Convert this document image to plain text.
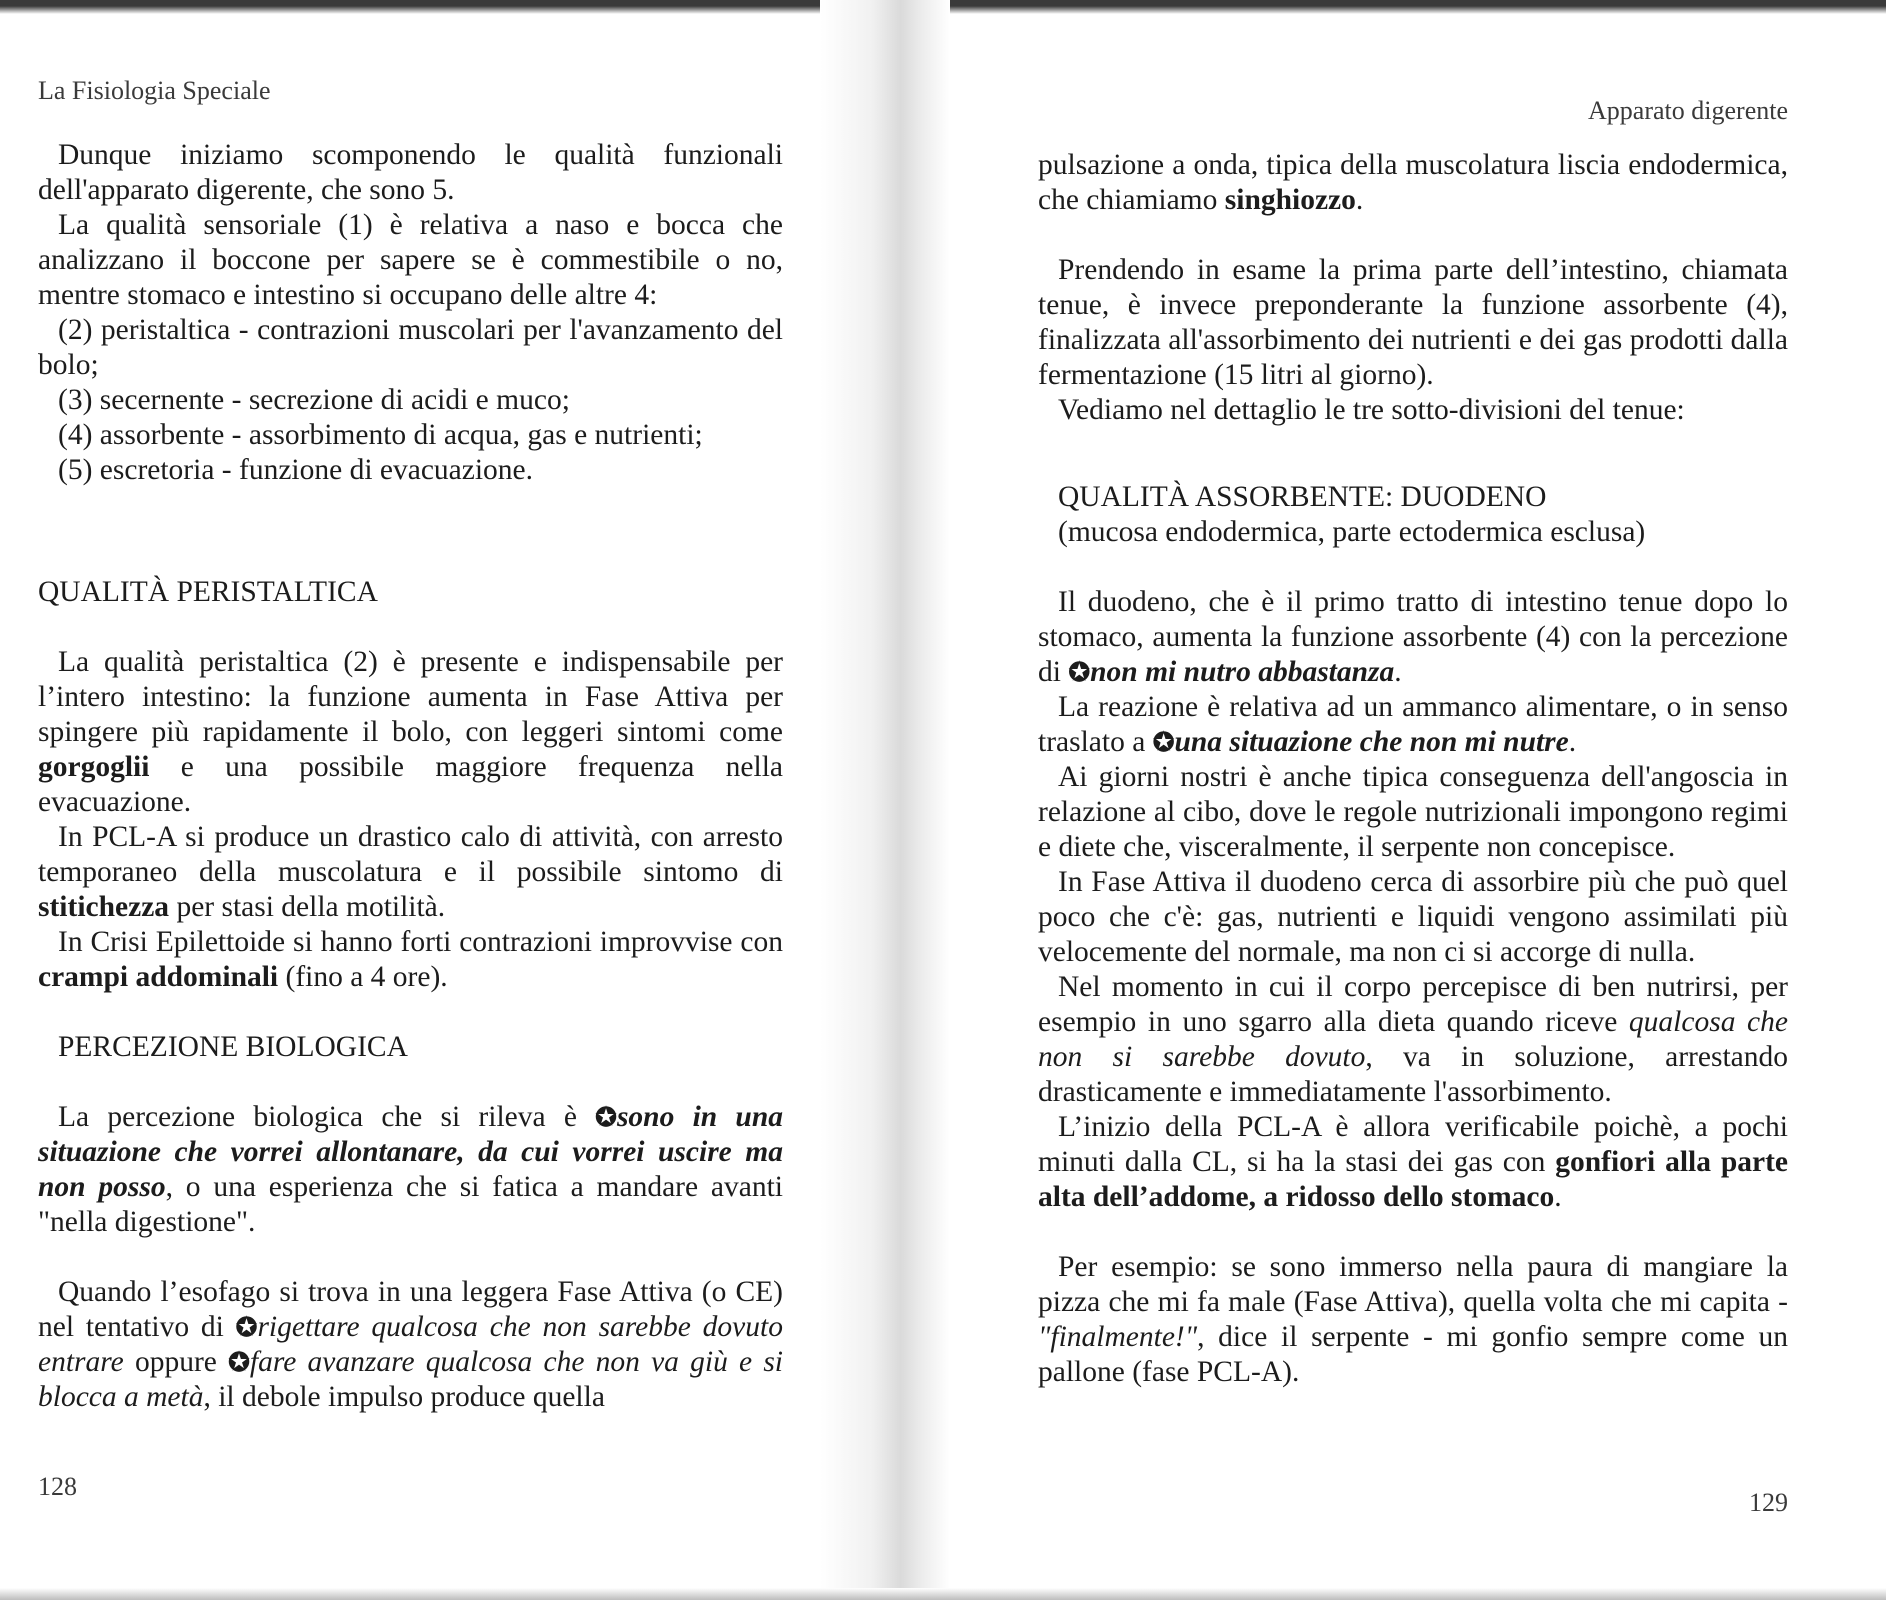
La Fisiologia Speciale

Dunque iniziamo scomponendo le qualità funzionali dell'apparato digerente, che sono 5.

La qualità sensoriale (1) è relativa a naso e bocca che analizzano il boccone per sapere se è commestibile o no, mentre stomaco e intestino si occupano delle altre 4:

(2) peristaltica - contrazioni muscolari per l'avanzamento del bolo;

(3) secernente - secrezione di acidi e muco;

(4) assorbente - assorbimento di acqua, gas e nutrienti;

(5) escretoria - funzione di evacuazione.

QUALITÀ PERISTALTICA

La qualità peristaltica (2) è presente e indispensabile per l’intero intestino: la funzione aumenta in Fase Attiva per spingere più rapidamente il bolo, con leggeri sintomi come gorgoglii e una possibile maggiore frequenza nella evacuazione.

In PCL-A si produce un drastico calo di attività, con arresto temporaneo della muscolatura e il possibile sintomo di stitichezza per stasi della motilità.

In Crisi Epilettoide si hanno forti contrazioni improvvise con crampi addominali (fino a 4 ore).

PERCEZIONE BIOLOGICA

La percezione biologica che si rileva è ✪sono in una situazione che vorrei allontanare, da cui vorrei uscire ma non posso, o una esperienza che si fatica a mandare avanti "nella digestione".

Quando l’esofago si trova in una leggera Fase Attiva (o CE) nel tentativo di ✪rigettare qualcosa che non sarebbe dovuto entrare oppure ✪fare avanzare qualcosa che non va giù e si blocca a metà, il debole impulso produce quella

128
Apparato digerente

pulsazione a onda, tipica della muscolatura liscia endodermica, che chiamiamo singhiozzo.

Prendendo in esame la prima parte dell’intestino, chiamata tenue, è invece preponderante la funzione assorbente (4), finalizzata all'assorbimento dei nutrienti e dei gas prodotti dalla fermentazione (15 litri al giorno).

Vediamo nel dettaglio le tre sotto-divisioni del tenue:

QUALITÀ ASSORBENTE: DUODENO
(mucosa endodermica, parte ectodermica esclusa)

Il duodeno, che è il primo tratto di intestino tenue dopo lo stomaco, aumenta la funzione assorbente (4) con la percezione di ✪non mi nutro abbastanza.

La reazione è relativa ad un ammanco alimentare, o in senso traslato a ✪una situazione che non mi nutre.

Ai giorni nostri è anche tipica conseguenza dell'angoscia in relazione al cibo, dove le regole nutrizionali impongono regimi e diete che, visceralmente, il serpente non concepisce.

In Fase Attiva il duodeno cerca di assorbire più che può quel poco che c'è: gas, nutrienti e liquidi vengono assimilati più velocemente del normale, ma non ci si accorge di nulla.

Nel momento in cui il corpo percepisce di ben nutrirsi, per esempio in uno sgarro alla dieta quando riceve qualcosa che non si sarebbe dovuto, va in soluzione, arrestando drasticamente e immediatamente l'assorbimento.

L’inizio della PCL-A è allora verificabile poichè, a pochi minuti dalla CL, si ha la stasi dei gas con gonfiori alla parte alta dell’addome, a ridosso dello stomaco.

Per esempio: se sono immerso nella paura di mangiare la pizza che mi fa male (Fase Attiva), quella volta che mi capita - "finalmente!", dice il serpente - mi gonfio sempre come un pallone (fase PCL-A).

129
